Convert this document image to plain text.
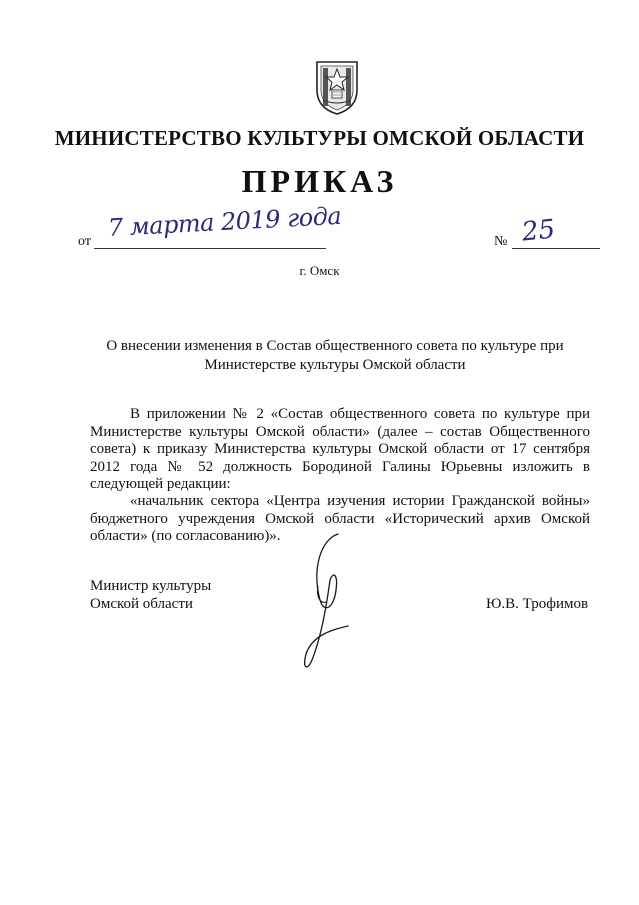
МИНИСТЕРСТВО КУЛЬТУРЫ ОМСКОЙ ОБЛАСТИ
ПРИКАЗ
от 7 марта 2019 года	№ 25
г. Омск
О внесении изменения в Состав общественного совета по культуре при
Министерстве культуры Омской области
В приложении № 2 «Состав общественного совета по культуре при
Министерстве культуры Омской области» (далее – состав Общественного
совета) к приказу Министерства культуры Омской области от 17 сентября
2012 года № 52 должность Бородиной Галины Юрьевны изложить в
следующей редакции:
«начальник сектора «Центра изучения истории Гражданской войны»
бюджетного учреждения Омской области «Исторический архив Омской
области» (по согласованию)».
Министр культуры
Омской области	Ю.В. Трофимов
